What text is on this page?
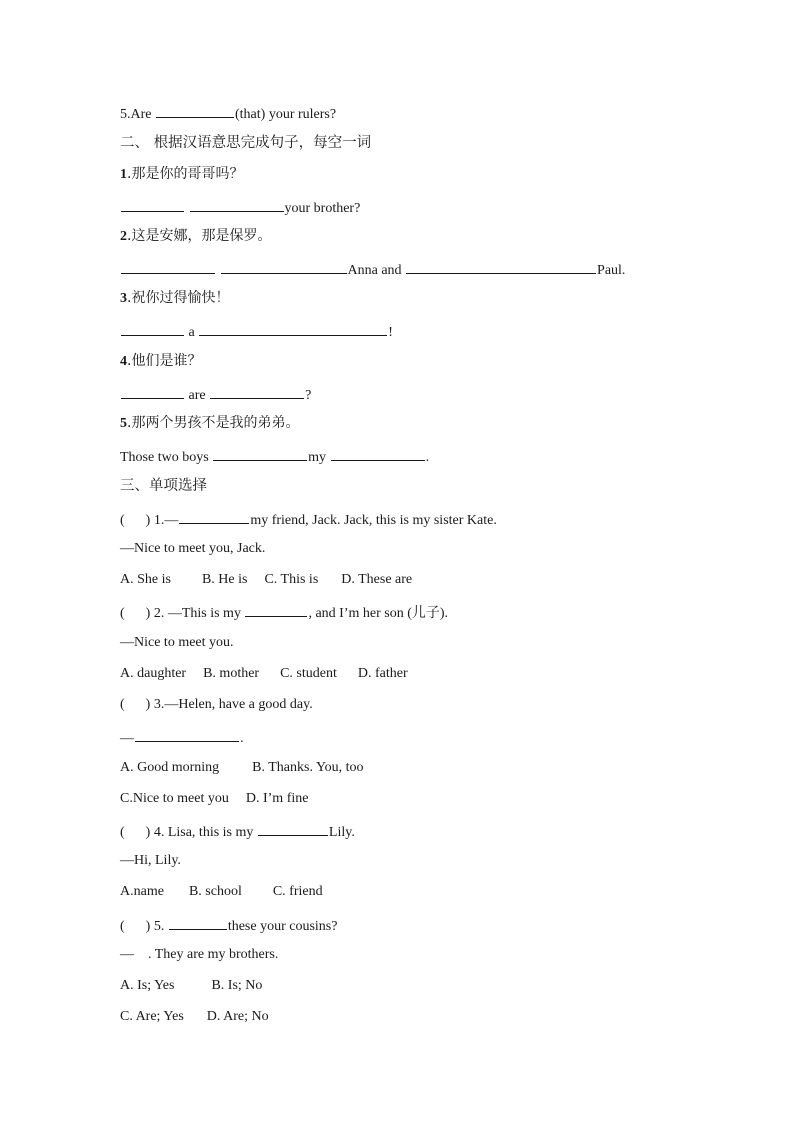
5.Are	(that) your rulers?
二、 根据汉语意思完成句子，每空一词
1.那是你的哥哥吗？
your brother?
2.这是安娜，那是保罗。
Anna and	Paul.
3.祝你过得愉快！
a	!
4.他们是谁？
are	?
5.那两个男孩不是我的弟弟。
Those two boys	my	.
三、单项选择
(      ) 1.—	my friend, Jack. Jack, this is my sister Kate.
—Nice to meet you, Jack.
A. She is B. He is C. This is D. These are
(      ) 2. —This is my	, and I’m her son (儿子).
—Nice to meet you.
A. daughter B. mother C. student D. father
(      ) 3.—Helen, have a good day.
—	.
A. Good morning B. Thanks. You, too
C.Nice to meet you D. I’m fine
(      ) 4. Lisa, this is my	Lily.
—Hi, Lily.
A.name B. school C. friend
(      ) 5.	these your cousins?
—    . They are my brothers.
A. Is; Yes	B. Is; No
C. Are; Yes D. Are; No
